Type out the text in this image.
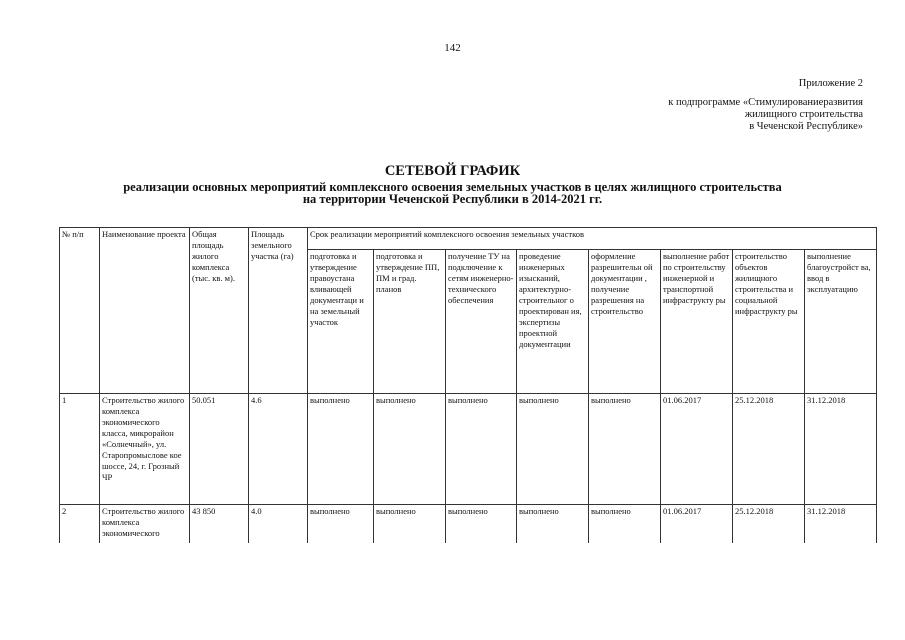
142
Приложение 2
к подпрограмме «Стимулированиеразвития
жилищного строительства
в Чеченской Республике»
СЕТЕВОЙ ГРАФИК
реализации основных мероприятий комплексного освоения земельных участков в целях жилищного строительства
на территории Чеченской Республики в 2014-2021 гг.
№ п/п	Наименование проекта	Общая площадь жилого комплекса (тыс. кв. м).	Площадь земельного участка (га)	Срок реализации мероприятий комплексного освоения земельных участков							
				подготовка и утверждение правоустана вливающей документаци и на земельный участок	подготовка и утверждение ПП, ПМ и град. планов	получение ТУ на подключение к сетям инженерно-технического обеспечения	проведение инженерных изысканий, архитектурно-строительног о проектирован ия, экспертизы проектной документации	оформление разрешительн ой документации , получение разрешения на строительство	выполнение работ по строительству инженерной и транспортной инфраструкту ры	строительство объектов жилищного строительства и социальной инфраструкту ры	выполнение благоустройст ва, ввод в эксплуатацию
1	Строительство жилого комплекса экономического класса, микрорайон «Солнечный», ул. Старопромыслове кое шоссе, 24, г. Грозный ЧР	50.051	4.6	выполнено	выполнено	выполнено	выполнено	выполнено	01.06.2017	25.12.2018	31.12.2018
2	Строительство жилого комплекса экономического	43 850	4.0	выполнено	выполнено	выполнено	выполнено	выполнено	01.06.2017	25.12.2018	31.12.2018
